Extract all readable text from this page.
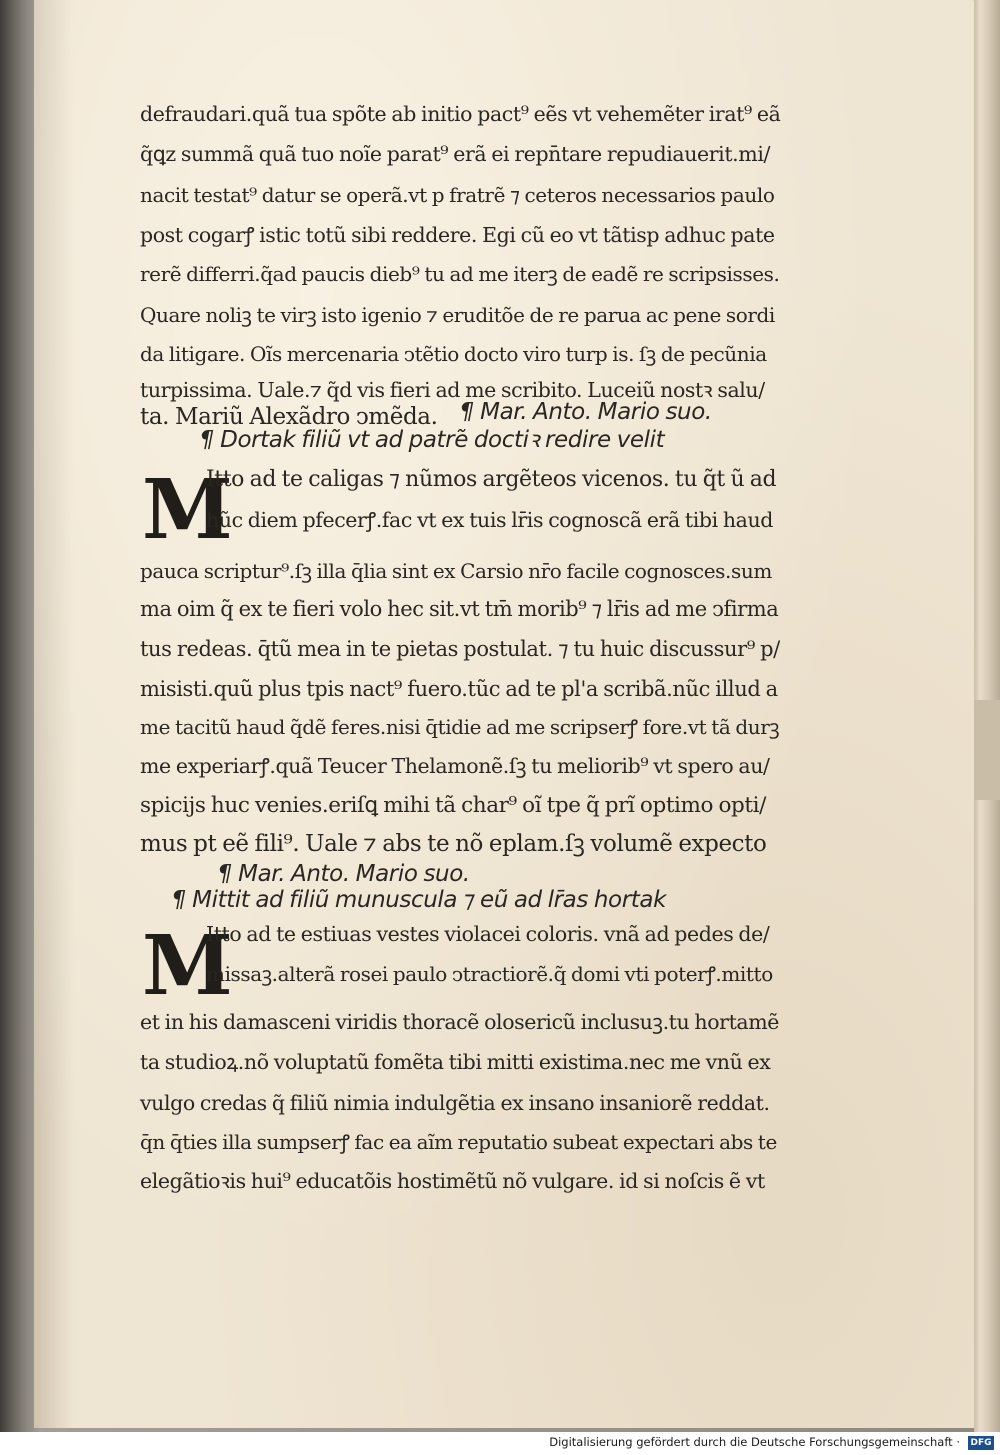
defraudari.quã tua spõte ab initio pact⁹ eẽs vt vehemẽter irat⁹ eã
q̃ꝗz summã quã tuo noĩe parat⁹ erã ei repn̄tare repudiauerit.mi/
nacit testat⁹ datur se operã.vt p fratrẽ ⁊ ceteros necessarios paulo
post cogarꝭ istic totũ sibi reddere. Egi cũ eo vt tãtisp adhuc pate
rerẽ differri.q̃ad paucis dieb⁹ tu ad me iterꝫ de eadẽ re scripsisses.
Quare noliꝫ te virꝫ isto igenio ⁊ eruditõe de re parua ac pene sordi
da litigare. Oĩs mercenaria ↄtẽtio docto viro turp is. ſꝫ de pecũnia
turpissima. Uale.⁊ q̃d vis fieri ad me scribito. Luceiũ nostꝛ salu/
ta. Mariũ Alexãdro ↄmẽda. ¶ Mar. Anto. Mario suo.
¶ Dortak filiũ vt ad patrẽ doctiꝛ redire velit
M
Itto ad te caligas ⁊ nũmos argẽteos vicenos. tu q̃t ũ ad
hũc diem pfecerꝭ.fac vt ex tuis lr̄is cognoscã erã tibi haud
pauca scriptur⁹.ſꝫ illa q̄lia sint ex Carsio nr̄o facile cognosces.sum
ma oim q̃ ex te fieri volo hec sit.vt tm̄ morib⁹ ⁊ lr̄is ad me ↄfirma
tus redeas. q̄tũ mea in te pietas postulat. ⁊ tu huic discussur⁹ p/
misisti.quũ plus tpis nact⁹ fuero.tũc ad te pl'a scribã.nũc illud a
me tacitũ haud q̃dẽ feres.nisi q̄tidie ad me scripserꝭ fore.vt tã durꝫ
me experiarꝭ.quã Teucer Thelamonẽ.ſꝫ tu meliorib⁹ vt spero au/
spicijs huc venies.eriſꝗ mihi tã char⁹ oĩ tpe q̃ prĩ optimo opti/
mus pt eẽ fili⁹. Uale ⁊ abs te nõ eplam.ſꝫ volumẽ expecto
¶ Mar. Anto. Mario suo.
¶ Mittit ad filiũ munuscula ⁊ eũ ad lr̄as hortak
M
Itto ad te estiuas vestes violacei coloris. vnã ad pedes de/
missaꝫ.alterã rosei paulo ↄtractiorẽ.q̃ domi vti poterꝭ.mitto
et in his damasceni viridis thoracẽ olosericũ inclusuꝫ.tu hortamẽ
ta studioꝝ.nõ voluptatũ fomẽta tibi mitti existima.nec me vnũ ex
vulgo credas q̃ filiũ nimia indulgẽtia ex insano insaniorẽ reddat.
q̄n q̄ties illa sumpserꝭ fac ea aĩm reputatio subeat expectari abs te
elegãtioꝛis hui⁹ educatõis hostimẽtũ nõ vulgare. id si noſcis ẽ vt
Digitalisierung gefördert durch die Deutsche Forschungsgemeinschaft · DFG
